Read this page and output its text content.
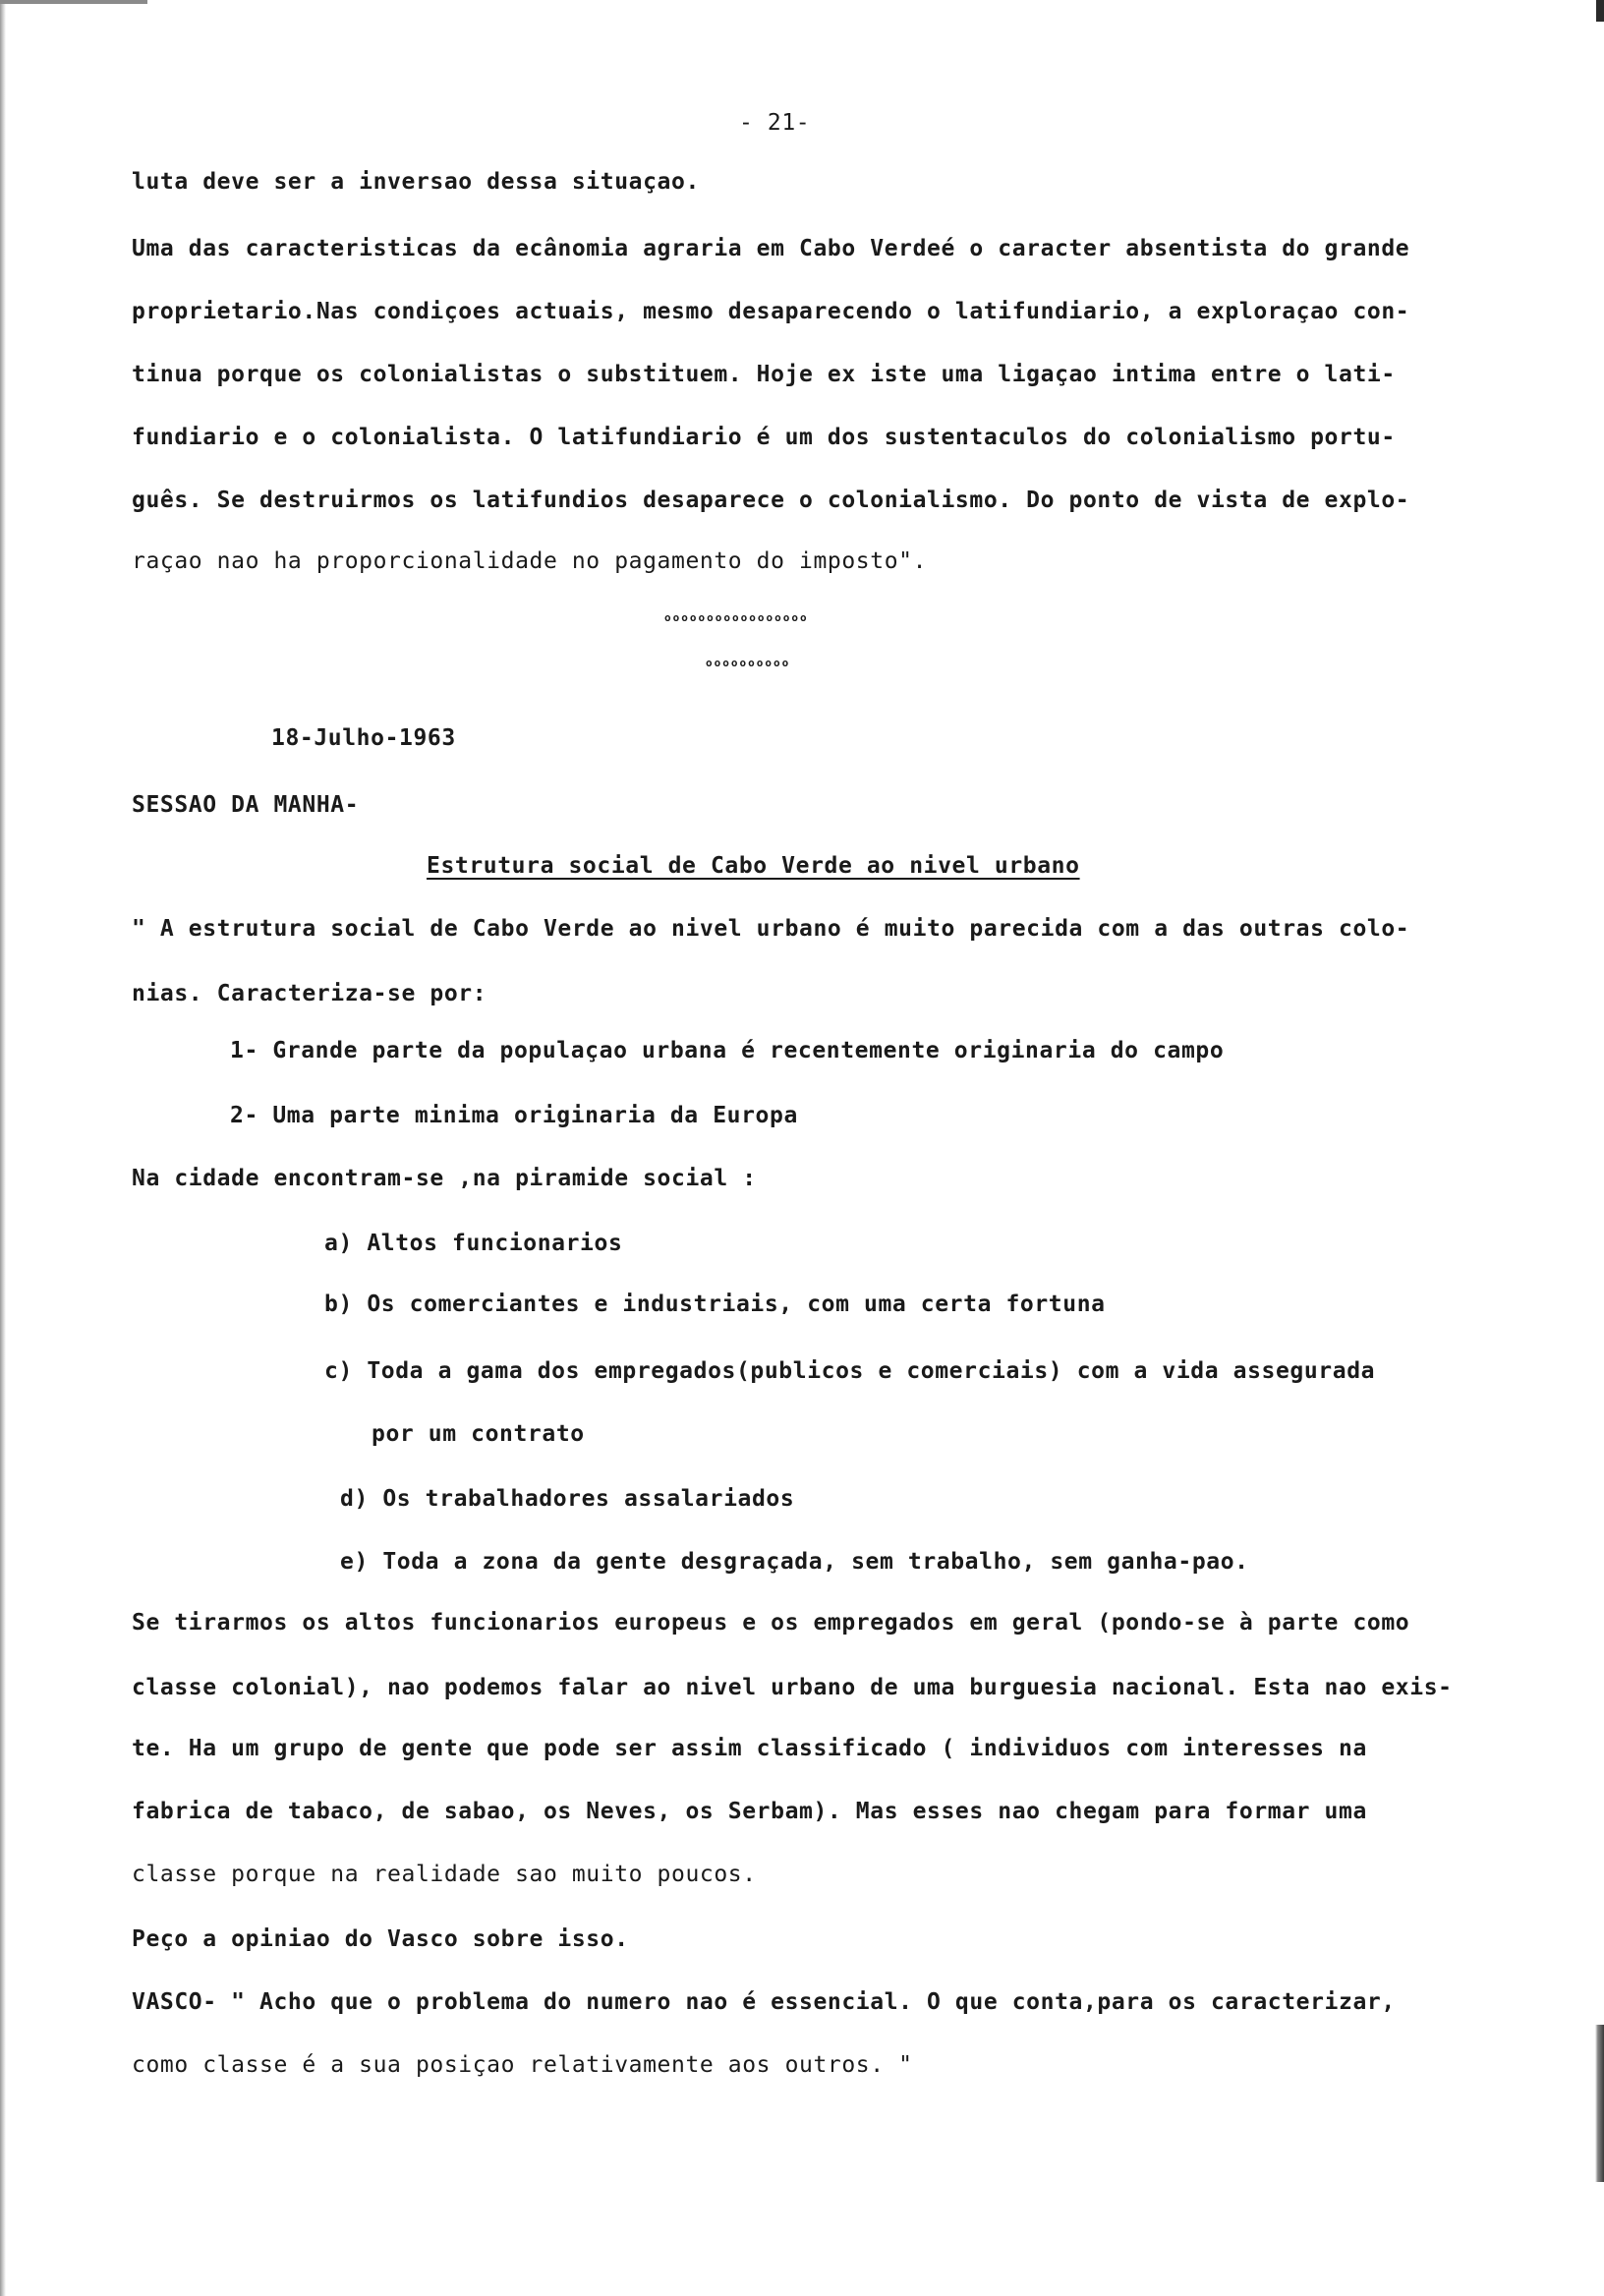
- 21-
luta deve ser a inversao dessa situaçao.
Uma das caracteristicas da ecânomia agraria em Cabo Verdeé o caracter absentista do grande
proprietario.Nas condiçoes actuais, mesmo desaparecendo o latifundiario, a exploraçao con-
tinua porque os colonialistas o substituem. Hoje ex iste uma ligaçao intima entre o lati-
fundiario e o colonialista. O latifundiario é um dos sustentaculos do colonialismo portu-
guês. Se destruirmos os latifundios desaparece o colonialismo. Do ponto de vista de explo-
raçao nao ha proporcionalidade no pagamento do imposto".
ooooooooooooooooo
oooooooooo
18-Julho-1963
SESSAO DA MANHA-
Estrutura social de Cabo Verde ao nivel urbano
" A estrutura social de Cabo Verde ao nivel urbano é muito parecida com a das outras colo-
nias. Caracteriza-se por:
1- Grande parte da populaçao urbana é recentemente originaria do campo
2- Uma parte minima originaria da Europa
Na cidade encontram-se ,na piramide social :
a) Altos funcionarios
b) Os comerciantes e industriais, com uma certa fortuna
c) Toda a gama dos empregados(publicos e comerciais) com a vida assegurada
por um contrato
d) Os trabalhadores assalariados
e) Toda a zona da gente desgraçada, sem trabalho, sem ganha-pao.
Se tirarmos os altos funcionarios europeus e os empregados em geral (pondo-se à parte como
classe colonial), nao podemos falar ao nivel urbano de uma burguesia nacional. Esta nao exis-
te. Ha um grupo de gente que pode ser assim classificado ( individuos com interesses na
fabrica de tabaco, de sabao, os Neves, os Serbam). Mas esses nao chegam para formar uma
classe porque na realidade sao muito poucos.
Peço a opiniao do Vasco sobre isso.
VASCO- " Acho que o problema do numero nao é essencial. O que conta,para os caracterizar,
como classe é a sua posiçao relativamente aos outros. "
